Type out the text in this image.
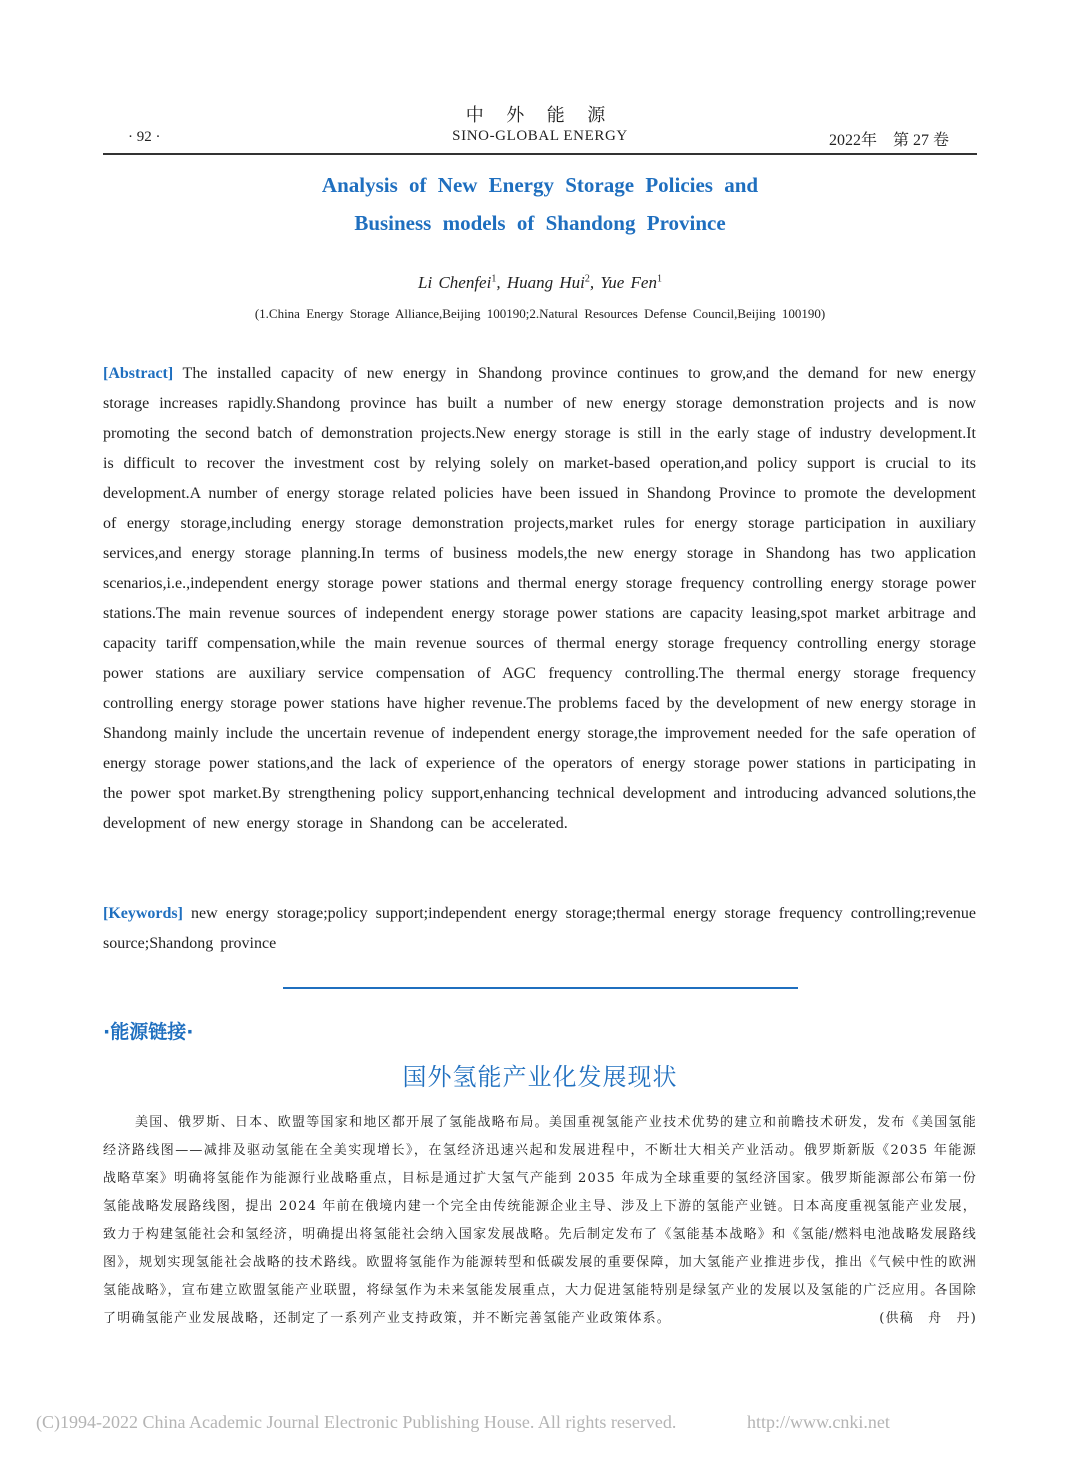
中 外 能 源
· 92 ·	SINO-GLOBAL ENERGY	2022年　第 27 卷
Analysis of New Energy Storage Policies and
Business models of Shandong Province
Li Chenfei$^1$, Huang Hui$^2$, Yue Fen$^1$
(1.China Energy Storage Alliance,Beijing 100190;2.Natural Resources Defense Council,Beijing 100190)
[Abstract] The installed capacity of new energy in Shandong province continues to grow,and the demand for new energy storage increases rapidly.Shandong province has built a number of new energy storage demonstration projects and is now promoting the second batch of demonstration projects.New energy storage is still in the early stage of industry development.It is difficult to recover the investment cost by relying solely on market-based operation,and policy support is crucial to its development.A number of energy storage related policies have been issued in Shandong Province to promote the development of energy storage,including energy storage demonstration projects,market rules for energy storage participation in auxiliary services,and energy storage planning.In terms of business models,the new energy storage in Shandong has two application scenarios,i.e.,independent energy storage power stations and thermal energy storage frequency controlling energy storage power stations.The main revenue sources of independent energy storage power stations are capacity leasing,spot market arbitrage and capacity tariff compensation,while the main revenue sources of thermal energy storage frequency controlling energy storage power stations are auxiliary service compensation of AGC frequency controlling.The thermal energy storage frequency controlling energy storage power stations have higher revenue.The problems faced by the development of new energy storage in Shandong mainly include the uncertain revenue of independent energy storage,the improvement needed for the safe operation of energy storage power stations,and the lack of experience of the operators of energy storage power stations in participating in the power spot market.By strengthening policy support,enhancing technical development and introducing advanced solutions,the development of new energy storage in Shandong can be accelerated.
[Keywords] new energy storage;policy support;independent energy storage;thermal energy storage frequency controlling;revenue source;Shandong province
·能源链接·
国外氢能产业化发展现状
美国、俄罗斯、日本、欧盟等国家和地区都开展了氢能战略布局。美国重视氢能产业技术优势的建立和前瞻技术研发，发布《美国氢能经济路线图——减排及驱动氢能在全美实现增长》，在氢经济迅速兴起和发展进程中，不断壮大相关产业活动。俄罗斯新版《2035 年能源战略草案》明确将氢能作为能源行业战略重点，目标是通过扩大氢气产能到 2035 年成为全球重要的氢经济国家。俄罗斯能源部公布第一份氢能战略发展路线图，提出 2024 年前在俄境内建一个完全由传统能源企业主导、涉及上下游的氢能产业链。日本高度重视氢能产业发展，致力于构建氢能社会和氢经济，明确提出将氢能社会纳入国家发展战略。先后制定发布了《氢能基本战略》和《氢能/燃料电池战略发展路线图》，规划实现氢能社会战略的技术路线。欧盟将氢能作为能源转型和低碳发展的重要保障，加大氢能产业推进步伐，推出《气候中性的欧洲氢能战略》，宣布建立欧盟氢能产业联盟，将绿氢作为未来氢能发展重点，大力促进氢能特别是绿氢产业的发展以及氢能的广泛应用。各国除了明确氢能产业发展战略，还制定了一系列产业支持政策，并不断完善氢能产业政策体系。	(供稿　舟　丹)
(C)1994-2022 China Academic Journal Electronic Publishing House. All rights reserved.	http://www.cnki.net
